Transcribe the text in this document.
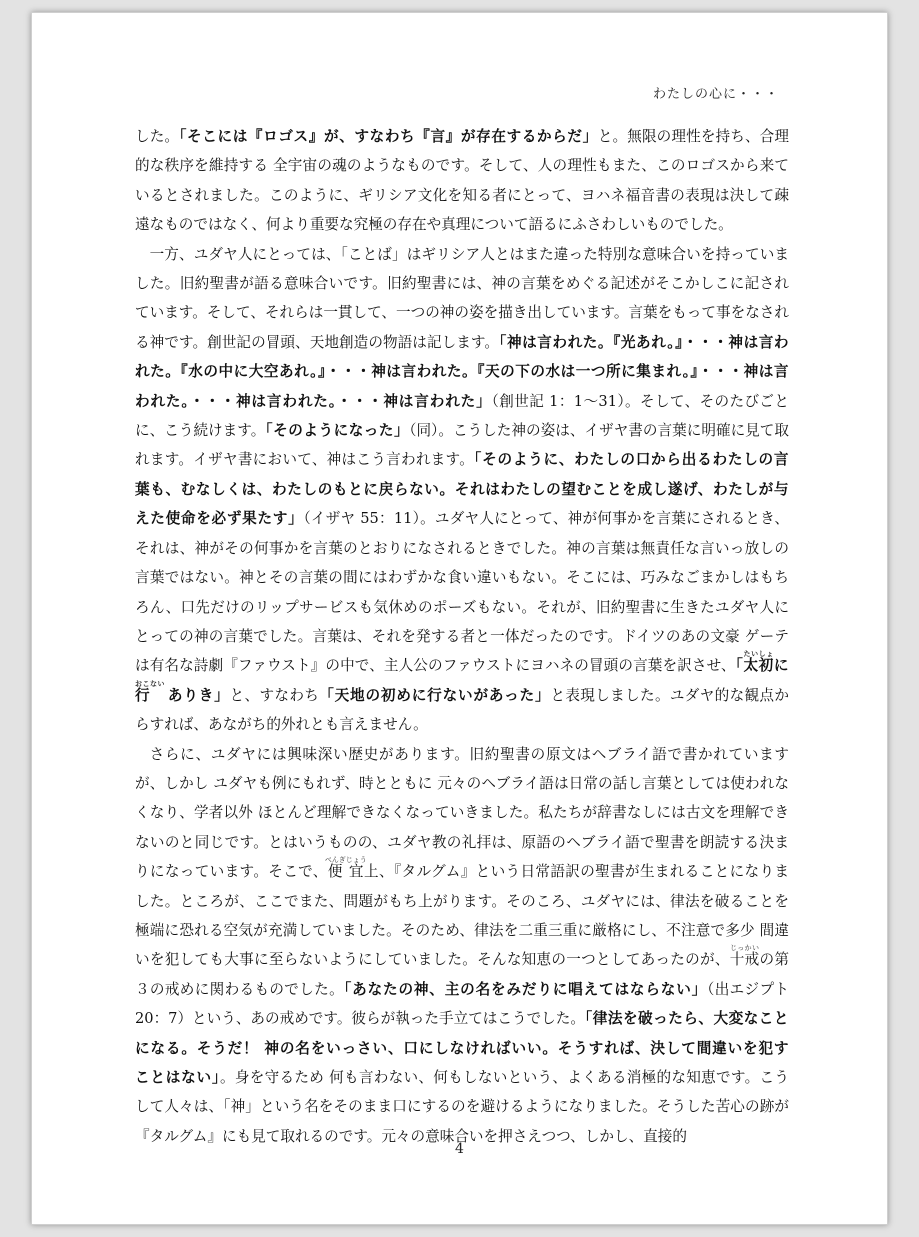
わたしの心に・・・

した。「そこには『ロゴス』が、すなわち『言』が存在するからだ」と。無限の理性を持ち、合理的な秩序を維持する 全宇宙の魂のようなものです。そして、人の理性もまた、このロゴスから来ているとされました。このように、ギリシア文化を知る者にとって、ヨハネ福音書の表現は決して疎遠なものではなく、何より重要な究極の存在や真理について語るにふさわしいものでした。

一方、ユダヤ人にとっては、「ことば」はギリシア人とはまた違った特別な意味合いを持っていました。旧約聖書が語る意味合いです。旧約聖書には、神の言葉をめぐる記述がそこかしこに記されています。そして、それらは一貫して、一つの神の姿を描き出しています。言葉をもって事をなされる神です。創世記の冒頭、天地創造の物語は記します。「神は言われた。『光あれ。』・・・神は言われた。『水の中に大空あれ。』・・・神は言われた。『天の下の水は一つ所に集まれ。』・・・神は言われた。・・・神は言われた。・・・神は言われた」（創世記 1：1〜31）。そして、そのたびごとに、こう続けます。「そのようになった」（同）。こうした神の姿は、イザヤ書の言葉に明確に見て取れます。イザヤ書において、神はこう言われます。「そのように、わたしの口から出るわたしの言葉も、むなしくは、わたしのもとに戻らない。それはわたしの望むことを成し遂げ、わたしが与えた使命を必ず果たす」（イザヤ 55：11）。ユダヤ人にとって、神が何事かを言葉にされるとき、それは、神がその何事かを言葉のとおりになされるときでした。神の言葉は無責任な言いっ放しの言葉ではない。神とその言葉の間にはわずかな食い違いもない。そこには、巧みなごまかしはもちろん、口先だけのリップサービスも気休めのポーズもない。それが、旧約聖書に生きたユダヤ人にとっての神の言葉でした。言葉は、それを発する者と一体だったのです。ドイツのあの文豪 ゲーテは有名な詩劇『ファウスト』の中で、主人公のファウストにヨハネの冒頭の言葉を訳させ、「太初たいしょに 行おこない ありき」と、すなわち「天地の初めに行ないがあった」と表現しました。ユダヤ的な観点からすれば、あながち的外れとも言えません。

さらに、ユダヤには興味深い歴史があります。旧約聖書の原文はヘブライ語で書かれていますが、しかし ユダヤも例にもれず、時とともに 元々のヘブライ語は日常の話し言葉としては使われなくなり、学者以外 ほとんど理解できなくなっていきました。私たちが辞書なしには古文を理解できないのと同じです。とはいうものの、ユダヤ教の礼拝は、原語のヘブライ語で聖書を朗読する決まりになっています。そこで、便宜べんぎじょう上、『タルグム』という日常語訳の聖書が生まれることになりました。ところが、ここでまた、問題がもち上がります。そのころ、ユダヤには、律法を破ることを極端に恐れる空気が充満していました。そのため、律法を二重三重に厳格にし、不注意で多少 間違いを犯しても大事に至らないようにしていました。そんな知恵の一つとしてあったのが、十戒じっかいの第３の戒めに関わるものでした。「あなたの神、主の名をみだりに唱えてはならない」（出エジプト 20：7）という、あの戒めです。彼らが執った手立てはこうでした。「律法を破ったら、大変なことになる。そうだ！ 神の名をいっさい、口にしなければいい。そうすれば、決して間違いを犯すことはない」。身を守るため 何も言わない、何もしないという、よくある消極的な知恵です。こうして人々は、「神」という名をそのまま口にするのを避けるようになりました。そうした苦心の跡が『タルグム』にも見て取れるのです。元々の意味合いを押さえつつ、しかし、直接的

4
